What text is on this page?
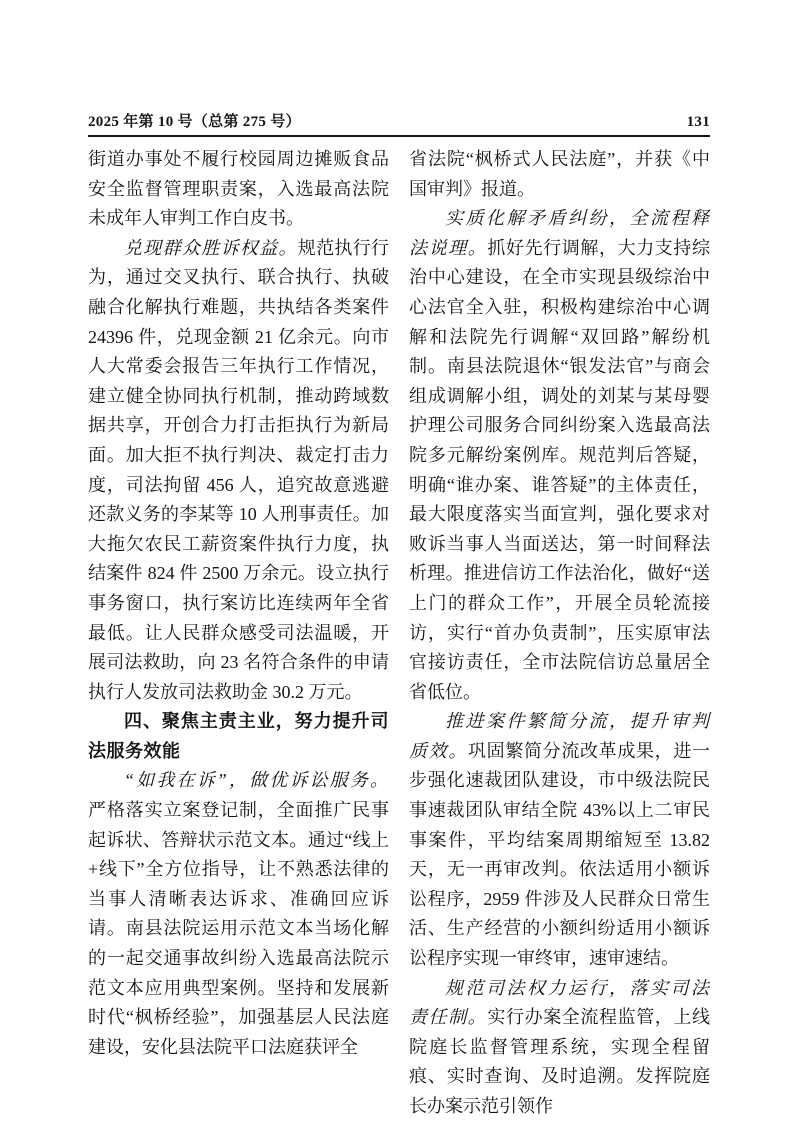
2025 年第 10 号（总第 275 号）	131

街道办事处不履行校园周边摊贩食品安全监督管理职责案，入选最高法院未成年人审判工作白皮书。

兑现群众胜诉权益。规范执行行为，通过交叉执行、联合执行、执破融合化解执行难题，共执结各类案件 24396 件，兑现金额 21 亿余元。向市人大常委会报告三年执行工作情况，建立健全协同执行机制，推动跨域数据共享，开创合力打击拒执行为新局面。加大拒不执行判决、裁定打击力度，司法拘留 456 人，追究故意逃避还款义务的李某等 10 人刑事责任。加大拖欠农民工薪资案件执行力度，执结案件 824 件 2500 万余元。设立执行事务窗口，执行案访比连续两年全省最低。让人民群众感受司法温暖，开展司法救助，向 23 名符合条件的申请执行人发放司法救助金 30.2 万元。

四、聚焦主责主业，努力提升司法服务效能

“如我在诉”，做优诉讼服务。严格落实立案登记制，全面推广民事起诉状、答辩状示范文本。通过“线上+线下”全方位指导，让不熟悉法律的当事人清晰表达诉求、准确回应诉请。南县法院运用示范文本当场化解的一起交通事故纠纷入选最高法院示范文本应用典型案例。坚持和发展新时代“枫桥经验”，加强基层人民法庭建设，安化县法院平口法庭获评全

省法院“枫桥式人民法庭”，并获《中国审判》报道。

实质化解矛盾纠纷，全流程释法说理。抓好先行调解，大力支持综治中心建设，在全市实现县级综治中心法官全入驻，积极构建综治中心调解和法院先行调解“双回路”解纷机制。南县法院退休“银发法官”与商会组成调解小组，调处的刘某与某母婴护理公司服务合同纠纷案入选最高法院多元解纷案例库。规范判后答疑，明确“谁办案、谁答疑”的主体责任，最大限度落实当面宣判，强化要求对败诉当事人当面送达，第一时间释法析理。推进信访工作法治化，做好“送上门的群众工作”，开展全员轮流接访，实行“首办负责制”，压实原审法官接访责任，全市法院信访总量居全省低位。

推进案件繁简分流，提升审判质效。巩固繁简分流改革成果，进一步强化速裁团队建设，市中级法院民事速裁团队审结全院 43%以上二审民事案件，平均结案周期缩短至 13.82 天，无一再审改判。依法适用小额诉讼程序，2959 件涉及人民群众日常生活、生产经营的小额纠纷适用小额诉讼程序实现一审终审，速审速结。

规范司法权力运行，落实司法责任制。实行办案全流程监管，上线院庭长监督管理系统，实现全程留痕、实时查询、及时追溯。发挥院庭长办案示范引领作
